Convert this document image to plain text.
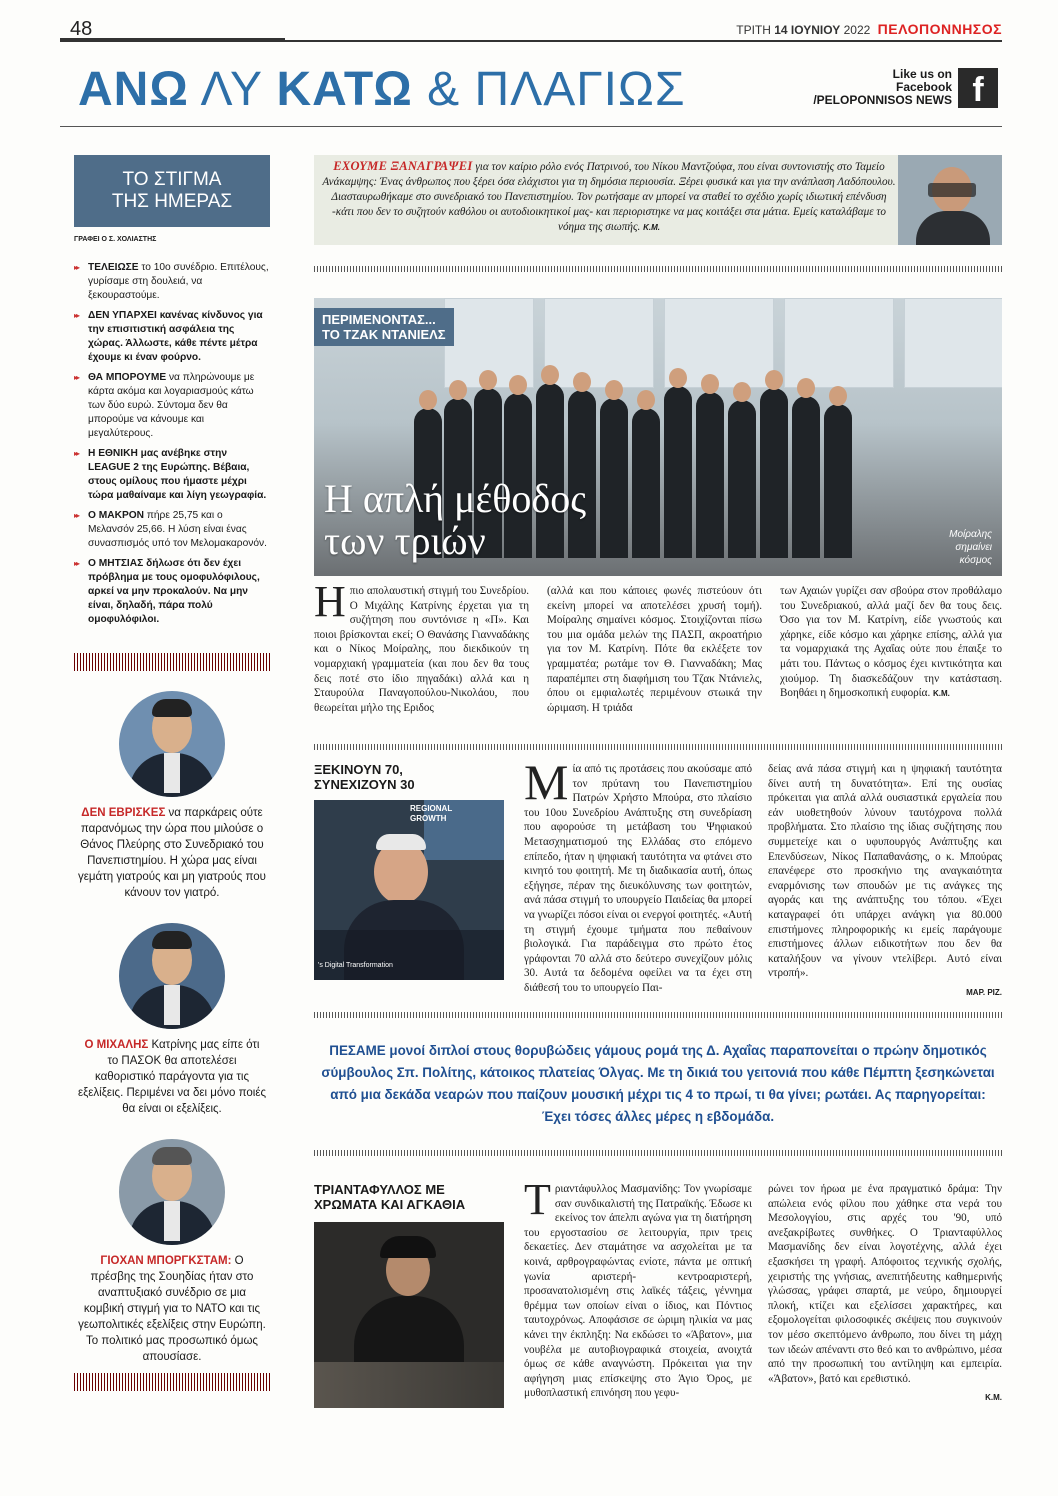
48	ΤΡΙΤΗ 14 ΙΟΥΝΙΟΥ 2022 ΠΕΛΟΠΟΝΝΗΣΟΣ
ΑΝΩ ΛΥ ΚΑΤΩ & ΠΛΑΓΙΩΣ	Like us on
Facebook
/PELOPONNISOS NEWS f
ΤΟ ΣΤΙΓΜΑ
ΤΗΣ ΗΜΕΡΑΣ
ΓΡΑΦΕΙ Ο Σ. ΧΟΛΙΑΣΤΗΣ
▸▸ ΤΕΛΕΙΩΣΕ το 10ο συνέδριο. Επιτέλους, γυρίσαμε στη δουλειά, να ξεκουραστούμε.
▸▸ ΔΕΝ ΥΠΑΡΧΕΙ κανένας κίνδυνος για την επισιτιστική ασφάλεια της χώρας. Άλλωστε, κάθε πέντε μέτρα έχουμε κι έναν φούρνο.
▸▸ ΘΑ ΜΠΟΡΟΥΜΕ να πληρώνουμε με κάρτα ακόμα και λογαριασμούς κάτω των δύο ευρώ. Σύντομα δεν θα μπορούμε να κάνουμε και μεγαλύτερους.
▸▸ Η ΕΘΝΙΚΗ μας ανέβηκε στην LEAGUE 2 της Ευρώπης. Βέβαια, στους ομίλους που ήμαστε μέχρι τώρα μαθαίναμε και λίγη γεωγραφία.
▸▸ Ο ΜΑΚΡΟΝ πήρε 25,75 και ο Μελανσόν 25,66. Η λύση είναι ένας συνασπισμός υπό τον Μελομακαρονόν.
▸▸ Ο ΜΗΤΣΙΑΣ δήλωσε ότι δεν έχει πρόβλημα με τους ομοφυλόφιλους, αρκεί να μην προκαλούν. Να μην είναι, δηλαδή, πάρα πολύ ομοφυλόφιλοι.
ΔΕΝ ΕΒΡΙΣΚΕΣ να παρκάρεις ούτε παρανόμως την ώρα που μιλούσε ο Θάνος Πλεύρης στο Συνεδριακό του Πανεπιστημίου. Η χώρα μας είναι γεμάτη γιατρούς και μη γιατρούς που κάνουν τον γιατρό.
Ο ΜΙΧΑΛΗΣ Κατρίνης μας είπε ότι το ΠΑΣΟΚ θα αποτελέσει καθοριστικό παράγοντα για τις εξελίξεις. Περιμένει να δει μόνο ποιές θα είναι οι εξελίξεις.
ΓΙΟΧΑΝ ΜΠΟΡΓΚΣΤΑΜ: Ο πρέσβης της Σουηδίας ήταν στο αναπτυξιακό συνέδριο σε μια κομβική στιγμή για το ΝΑΤΟ και τις γεωπολιτικές εξελίξεις στην Ευρώπη. Το πολιτικό μας προσωπικό όμως απουσίασε.

ΕΧΟΥΜΕ ΞΑΝΑΓΡΑΨΕΙ για τον καίριο ρόλο ενός Πατρινού, του Νίκου Μαντζούφα, που είναι συντονιστής στο Ταμείο Ανάκαμψης: Ένας άνθρωπος που ξέρει όσα ελάχιστοι για τη δημόσια περιουσία. Ξέρει φυσικά και για την ανάπλαση Λαδόπουλου. Διασταυρωθήκαμε στο συνεδριακό του Πανεπιστημίου. Τον ρωτήσαμε αν μπορεί να σταθεί το σχέδιο χωρίς ιδιωτική επένδυση -κάτι που δεν το συζητούν καθόλου οι αυτοδιοικητικοί μας- και περιοριστηκε να μας κοιτάξει στα μάτια. Εμείς καταλάβαμε το νόημα της σιωπής. Κ.Μ.

ΠΕΡΙΜΕΝΟΝΤΑΣ...
ΤΟ ΤΖΑΚ ΝΤΑΝΙΕΛΣ
Η απλή μέθοδος
των τριών	Μοίραλης
σημαίνει
κόσμος
Ηπιο απολαυστική στιγμή του Συνεδρίου. Ο Μιχάλης Κατρίνης έρχεται για τη συζήτηση που συντόνισε η «Π». Και ποιοι βρίσκονται εκεί; Ο Θανάσης Γιανναδάκης και ο Νίκος Μοίραλης, που διεκδικούν τη νομαρχιακή γραμματεία (και που δεν θα τους δεις ποτέ στο ίδιο πηγαδάκι) αλλά και η Σταυρούλα Παναγοπούλου-Νικολάου, που θεωρείται μήλο της Εριδος
(αλλά και που κάποιες φωνές πιστεύουν ότι εκείνη μπορεί να αποτελέσει χρυσή τομή). Μοίραλης σημαίνει κόσμος. Στοιχίζονται πίσω του μια ομάδα μελών της ΠΑΣΠ, ακροατήριο για τον Μ. Κατρίνη. Πότε θα εκλέξετε τον γραμματέα; ρωτάμε τον Θ. Γιανναδάκη; Μας παραπέμπει στη διαφήμιση του Τζακ Ντάνιελς, όπου οι εμφιαλωτές περιμένουν στωικά την ώριμαση. Η τριάδα
των Αχαιών γυρίζει σαν σβούρα στον προθάλαμο του Συνεδριακού, αλλά μαζί δεν θα τους δεις. Όσο για τον Μ. Κατρίνη, είδε γνωστούς και χάρηκε, είδε κόσμο και χάρηκε επίσης, αλλά για τα νομαρχιακά της Αχαΐας ούτε που έπαιξε το μάτι του. Πάντως ο κόσμος έχει κιντικότητα και χιούμορ. Τη διασκεδάζουν την κατάσταση. Βοηθάει η δημοσκοπική ευφορία. Κ.Μ.
ΞΕΚΙΝΟΥΝ 70,
ΣΥΝΕΧΙΖΟΥΝ 30
REGIONAL
GROWTH
's Digital Transformation
Μία από τις προτάσεις που ακούσαμε από τον πρύτανη του Πανεπιστημίου Πατρών Χρήστο Μπούρα, στο πλαίσιο του 10ου Συνεδρίου Ανάπτυξης στη συνεδρίαση που αφορούσε τη μετάβαση του Ψηφιακού Μετασχηματισμού της Ελλάδας στο επόμενο επίπεδο, ήταν η ψηφιακή ταυτότητα να φτάνει στο κινητό του φοιτητή. Με τη διαδικασία αυτή, όπως εξήγησε, πέραν της διευκόλυνσης των φοιτητών, ανά πάσα στιγμή το υπουργείο Παιδείας θα μπορεί να γνωρίζει πόσοι είναι οι ενεργοί φοιτητές. «Αυτή τη στιγμή έχουμε τμήματα που πεθαίνουν βιολογικά. Για παράδειγμα στο πρώτο έτος γράφονται 70 αλλά στο δεύτερο συνεχίζουν μόλις 30. Αυτά τα δεδομένα οφείλει να τα έχει στη διάθεσή του το υπουργείο Παι-
δείας ανά πάσα στιγμή και η ψηφιακή ταυτότητα δίνει αυτή τη δυνατότητα». Επί της ουσίας πρόκειται για απλά αλλά ουσιαστικά εργαλεία που εάν υιοθετηθούν λύνουν ταυτόχρονα πολλά προβλήματα. Στο πλαίσιο της ίδιας συζήτησης που συμμετείχε και ο υφυπουργός Ανάπτυξης και Επενδύσεων, Νίκος Παπαθανάσης, ο κ. Μπούρας επανέφερε στο προσκήνιο της αναγκαιότητα εναρμόνισης των σπουδών με τις ανάγκες της αγοράς και της ανάπτυξης του τόπου. «Έχει καταγραφεί ότι υπάρχει ανάγκη για 80.000 επιστήμονες πληροφορικής κι εμείς παράγουμε επιστήμονες άλλων ειδικοτήτων που δεν θα καταλήξουν να γίνουν ντελίβερι. Αυτό είναι ντροπή».
ΜΑΡ. ΡΙΖ.
ΠΕΣΑΜΕ μονοί διπλοί στους θορυβώδεις γάμους ρομά της Δ. Αχαΐας παραπονείται ο πρώην δημοτικός σύμβουλος Σπ. Πολίτης, κάτοικος πλατείας Όλγας. Με τη δικιά του γειτονιά που κάθε Πέμπτη ξεσηκώνεται από μια δεκάδα νεαρών που παίζουν μουσική μέχρι τις 4 το πρωί, τι θα γίνει; ρωτάει. Ας παρηγορείται: Έχει τόσες άλλες μέρες η εβδομάδα.
ΤΡΙΑΝΤΑΦΥΛΛΟΣ ΜΕ
ΧΡΩΜΑΤΑ ΚΑΙ ΑΓΚΑΘΙΑ Τριαντάφυλλος Μασμανίδης: Τον γνωρίσαμε σαν συνδικαλιστή της Πατραϊκής. Έδωσε κι εκείνος τον άπελπι αγώνα για τη διατήρηση του εργοστασίου σε λειτουργία, πριν τρεις δεκαετίες. Δεν σταμάτησε να ασχολείται με τα κοινά, αρθρογραφώντας ενίοτε, πάντα με οπτική γωνία αριστερή- κεντροαριστερή, προσανατολισμένη στις λαϊκές τάξεις, γέννημα θρέμμα των οποίων είναι ο ίδιος, και Πόντιος ταυτοχρόνως. Αποφάσισε σε ώριμη ηλικία να μας κάνει την έκπληξη: Να εκδώσει το «Άβατον», μια νουβέλα με αυτοβιογραφικά στοιχεία, ανοιχτά όμως σε κάθε αναγνώστη. Πρόκειται για την αφήγηση μιας επίσκεψης στο Άγιο Όρος, με μυθοπλαστική επινόηση που γεφυ-
ρώνει τον ήρωα με ένα πραγματικό δράμα: Την απώλεια ενός φίλου που χάθηκε στα νερά του Μεσολογγίου, στις αρχές του '90, υπό ανεξακρίβωτες συνθήκες. Ο Τριανταφύλλος Μασμανίδης δεν είναι λογοτέχνης, αλλά έχει εξασκήσει τη γραφή. Απόφοιτος τεχνικής σχολής, χειριστής της γνήσιας, ανεπιτήδευτης καθημερινής γλώσσας, γράφει σπαρτά, με νεύρο, δημιουργεί πλοκή, κτίζει και εξελίσσει χαρακτήρες, και εξομολογείται φιλοσοφικές σκέψεις που συγκινούν τον μέσο σκεπτόμενο άνθρωπο, που δίνει τη μάχη των ιδεών απέναντι στο θεό και το ανθρώπινο, μέσα από την προσωπική του αντίληψη και εμπειρία. «Άβατον», βατό και ερεθιστικό.
Κ.Μ.
